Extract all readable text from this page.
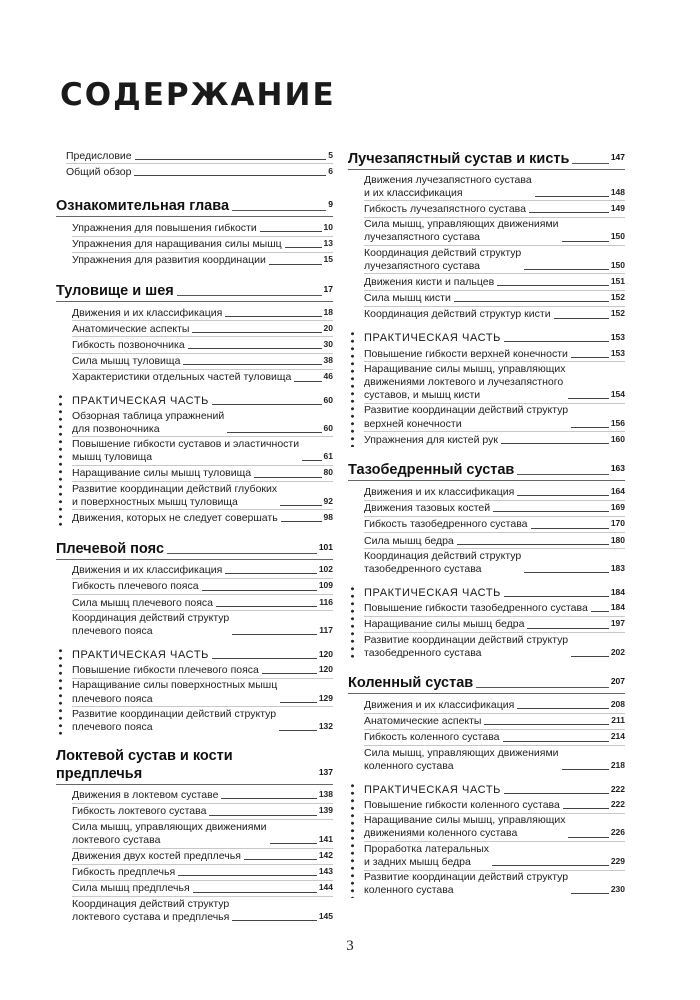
СОДЕРЖАНИЕ
Предисловие	5
Общий обзор	6
Ознакомительная глава	9
Упражнения для повышения гибкости	10
Упражнения для наращивания силы мышц	13
Упражнения для развития координации	15
Туловище и шея	17
Движения и их классификация	18
Анатомические аспекты	20
Гибкость позвоночника	30
Сила мышц туловища	38
Характеристики отдельных частей туловища	46
ПРАКТИЧЕСКАЯ ЧАСТЬ	60
Обзорная таблица упражнений
для позвоночника	60
Повышение гибкости суставов и эластичности
мышц туловища	61
Наращивание силы мышц туловища	80
Развитие координации действий глубоких
и поверхностных мышц туловища	92
Движения, которых не следует совершать	98
Плечевой пояс	101
Движения и их классификация	102
Гибкость плечевого пояса	109
Сила мышц плечевого пояса	116
Координация действий структур
плечевого пояса	117
ПРАКТИЧЕСКАЯ ЧАСТЬ	120
Повышение гибкости плечевого пояса	120
Наращивание силы поверхностных мышц
плечевого пояса	129
Развитие координации действий структур
плечевого пояса	132
Локтевой сустав и кости предплечья	137
Движения в локтевом суставе	138
Гибкость локтевого сустава	139
Сила мышц, управляющих движениями
локтевого сустава	141
Движения двух костей предплечья	142
Гибкость предплечья	143
Сила мышц предплечья	144
Координация действий структур
локтевого сустава и предплечья	145
Лучезапястный сустав и кисть	147
Движения лучезапястного сустава
и их классификация	148
Гибкость лучезапястного сустава	149
Сила мышц, управляющих движениями
лучезапястного сустава	150
Координация действий структур
лучезапястного сустава	150
Движения кисти и пальцев	151
Сила мышц кисти	152
Координация действий структур кисти	152
ПРАКТИЧЕСКАЯ ЧАСТЬ	153
Повышение гибкости верхней конечности	153
Наращивание силы мышц, управляющих
движениями локтевого и лучезапястного
суставов, и мышц кисти	154
Развитие координации действий структур
верхней конечности	156
Упражнения для кистей рук	160
Тазобедренный сустав	163
Движения и их классификация	164
Движения тазовых костей	169
Гибкость тазобедренного сустава	170
Сила мышц бедра	180
Координация действий структур
тазобедренного сустава	183
ПРАКТИЧЕСКАЯ ЧАСТЬ	184
Повышение гибкости тазобедренного сустава	184
Наращивание силы мышц бедра	197
Развитие координации действий структур
тазобедренного сустава	202
Коленный сустав	207
Движения и их классификация	208
Анатомические аспекты	211
Гибкость коленного сустава	214
Сила мышц, управляющих движениями
коленного сустава	218
ПРАКТИЧЕСКАЯ ЧАСТЬ	222
Повышение гибкости коленного сустава	222
Наращивание силы мышц, управляющих
движениями коленного сустава	226
Проработка латеральных
и задних мышц бедра	229
Развитие координации действий структур
коленного сустава	230
3
